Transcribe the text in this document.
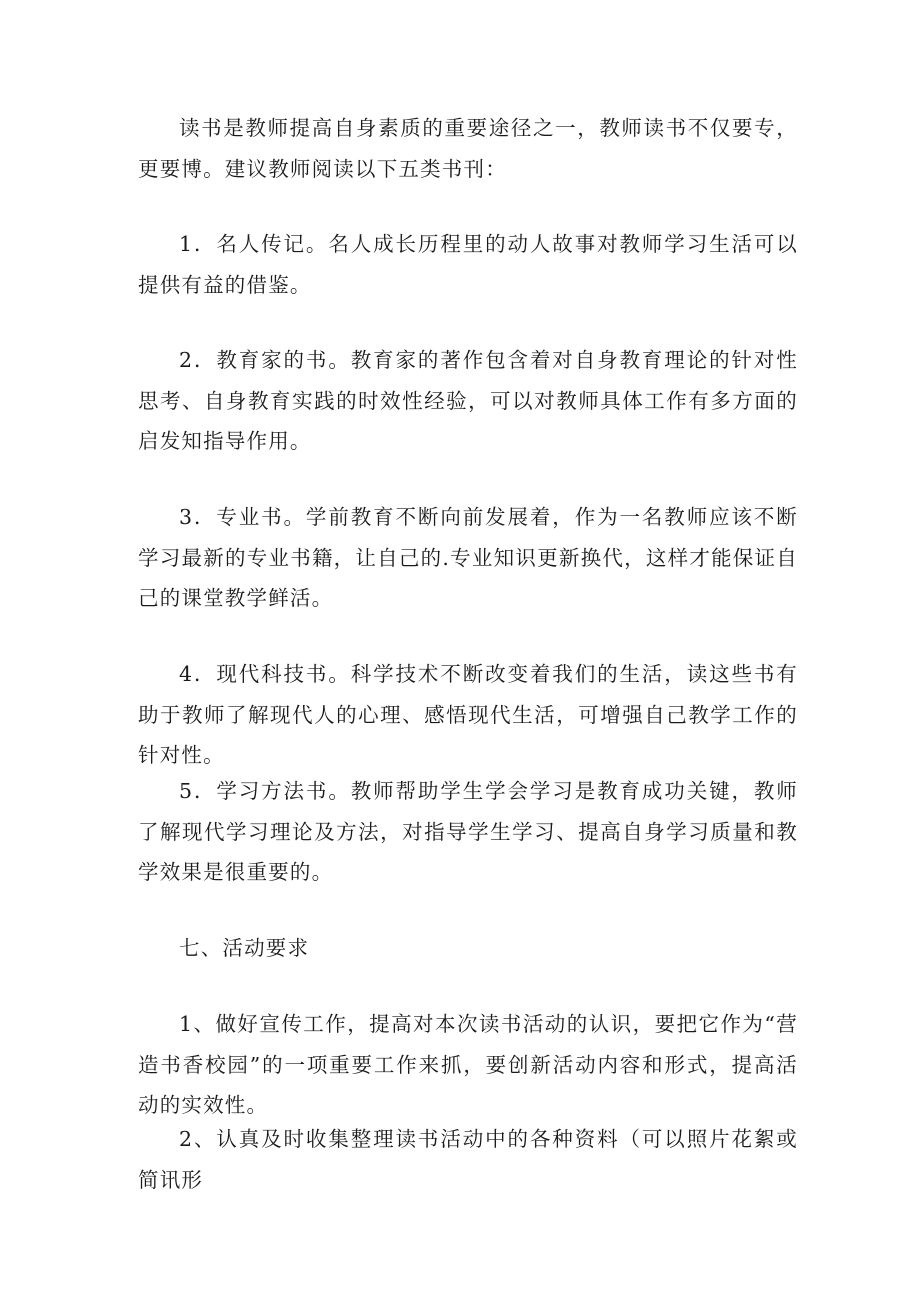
读书是教师提高自身素质的重要途径之一，教师读书不仅要专，更要博。建议教师阅读以下五类书刊：

1．名人传记。名人成长历程里的动人故事对教师学习生活可以提供有益的借鉴。

2．教育家的书。教育家的著作包含着对自身教育理论的针对性思考、自身教育实践的时效性经验，可以对教师具体工作有多方面的启发知指导作用。

3．专业书。学前教育不断向前发展着，作为一名教师应该不断学习最新的专业书籍，让自己的.专业知识更新换代，这样才能保证自己的课堂教学鲜活。

4．现代科技书。科学技术不断改变着我们的生活，读这些书有助于教师了解现代人的心理、感悟现代生活，可增强自己教学工作的针对性。

5．学习方法书。教师帮助学生学会学习是教育成功关键，教师了解现代学习理论及方法，对指导学生学习、提高自身学习质量和教学效果是很重要的。

七、活动要求

1、做好宣传工作，提高对本次读书活动的认识，要把它作为“营造书香校园”的一项重要工作来抓，要创新活动内容和形式，提高活动的实效性。

2、认真及时收集整理读书活动中的各种资料（可以照片花絮或简讯形
